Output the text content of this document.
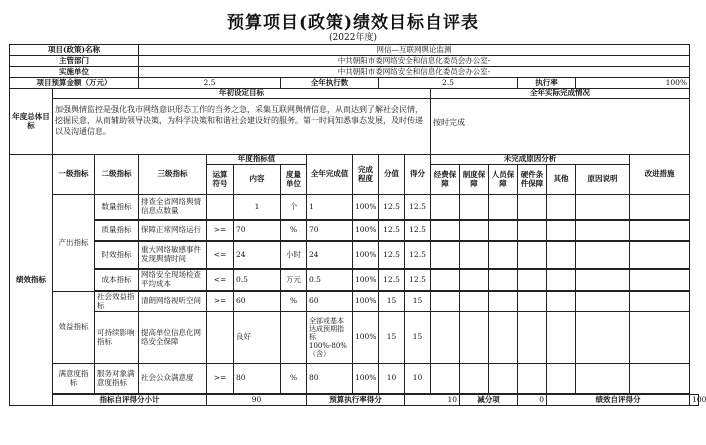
预算项目(政策)绩效目标自评表
(2022年度)
项目(政策)名称			网信—互联网舆论监测															
主管部门			中共朝阳市委网络安全和信息化委员会办公室-															
实施单位			中共朝阳市委网络安全和信息化委员会办公室-															
项目预算金额（万元）			2.5			全年执行数			2.5					执行率		100%		
年度总体目标	年初设定目标										全年实际完成情况							
	加强舆情监控是强化我市网络意识形态工作的当务之急，采集互联网舆情信息，从而达到了解社会民情，挖掘民意，从而辅助领导决策，为科学决策和和谐社会建设好的服务。第一时间知悉事态发展，及时传递以及沟通信息。										按时完成							
绩效指标	一级指标	二级指标	三级指标	年度指标值			全年完成值	完成程度	分值	得分	未完成原因分析						改进措施	
				运算符号	内容	度量单位					经费保障	制度保障	人员保障	硬件条件保障	其他	原因说明		
	产出指标	数量指标	排查全省网络舆情信息点数量		1	个	1	100%	12.5	12.5								

		质量指标	保障正常网络运行	>=	70	%	70	100%	12.5	12.5								

		时效指标	重大网络敏感事件发现舆情时间	<=	24	小时	24	100%	12.5	12.5								

		成本指标	网络安全现场检查平均成本	<=	0.5	万元	0.5	100%	12.5	12.5								

	效益指标	社会效益指标	清朗网络视听空间	>=	60	%	60	100%	15	15								
		可持续影响指标	提高单位信息化网络安全保障		良好		全部或基本达成预期指标100%-80%（含）	100%	15	15								
	满意度指标	服务对象满意度指标	社会公众满意度	>=	80	%	80	100%	10	10								

	指标自评得分小计			90			预算执行率得分			10		减分项		0	绩效自评得分			100
